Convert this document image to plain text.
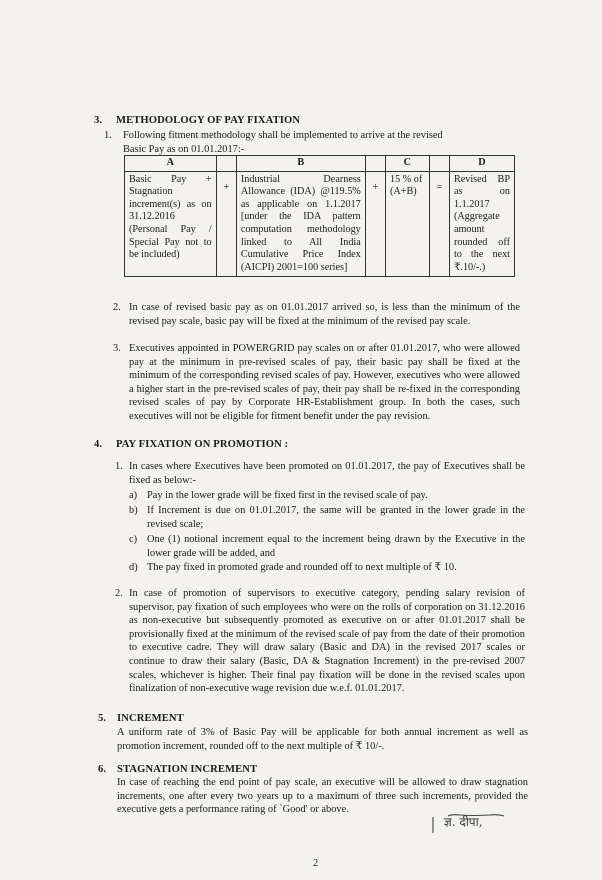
3. METHODOLOGY OF PAY FIXATION
1. Following fitment methodology shall be implemented to arrive at the revised Basic Pay as on 01.01.2017:-
A		B		C		D
Basic Pay + Stagnation increment(s) as on 31.12.2016 (Personal Pay / Special Pay not to be included)	+	Industrial Dearness Allowance (IDA) @119.5% as applicable on 1.1.2017 [under the IDA pattern computation methodology linked to All India Cumulative Price Index (AICPI) 2001=100 series]	+	15 % of (A+B)	=	Revised BP as on 1.1.2017 (Aggregate amount rounded off to the next ₹.10/-.)
2. In case of revised basic pay as on 01.01.2017 arrived so, is less than the minimum of the revised pay scale, basic pay will be fixed at the minimum of the revised pay scale.
3. Executives appointed in POWERGRID pay scales on or after 01.01.2017, who were allowed pay at the minimum in pre-revised scales of pay, their basic pay shall be fixed at the minimum of the corresponding revised scales of pay. However, executives who were allowed a higher start in the pre-revised scales of pay, their pay shall be re-fixed in the corresponding revised scales of pay by Corporate HR-Establishment group. In both the cases, such executives will not be eligible for fitment benefit under the pay revision.
4. PAY FIXATION ON PROMOTION :
1. In cases where Executives have been promoted on 01.01.2017, the pay of Executives shall be fixed as below:-
a) Pay in the lower grade will be fixed first in the revised scale of pay.
b) If Increment is due on 01.01.2017, the same will be granted in the lower grade in the revised scale;
c) One (1) notional increment equal to the increment being drawn by the Executive in the lower grade will be added, and
d) The pay fixed in promoted grade and rounded off to next multiple of ₹ 10.
2. In case of promotion of supervisors to executive category, pending salary revision of supervisor, pay fixation of such employees who were on the rolls of corporation on 31.12.2016 as non-executive but subsequently promoted as executive on or after 01.01.2017 shall be provisionally fixed at the minimum of the revised scale of pay from the date of their promotion to executive cadre. They will draw salary (Basic and DA) in the revised 2017 scales or continue to draw their salary (Basic, DA & Stagnation Increment) in the pre-revised 2007 scales, whichever is higher. Their final pay fixation will be done in the revised scales upon finalization of non-executive wage revision due w.e.f. 01.01.2017.
5. INCREMENT
A uniform rate of 3% of Basic Pay will be applicable for both annual increment as well as promotion increment, rounded off to the next multiple of ₹ 10/-.
6. STAGNATION INCREMENT
In case of reaching the end point of pay scale, an executive will be allowed to draw stagnation increments, one after every two years up to a maximum of three such increments, provided the executive gets a performance rating of `Good' or above.
ज्ञ. दीपा,
2
